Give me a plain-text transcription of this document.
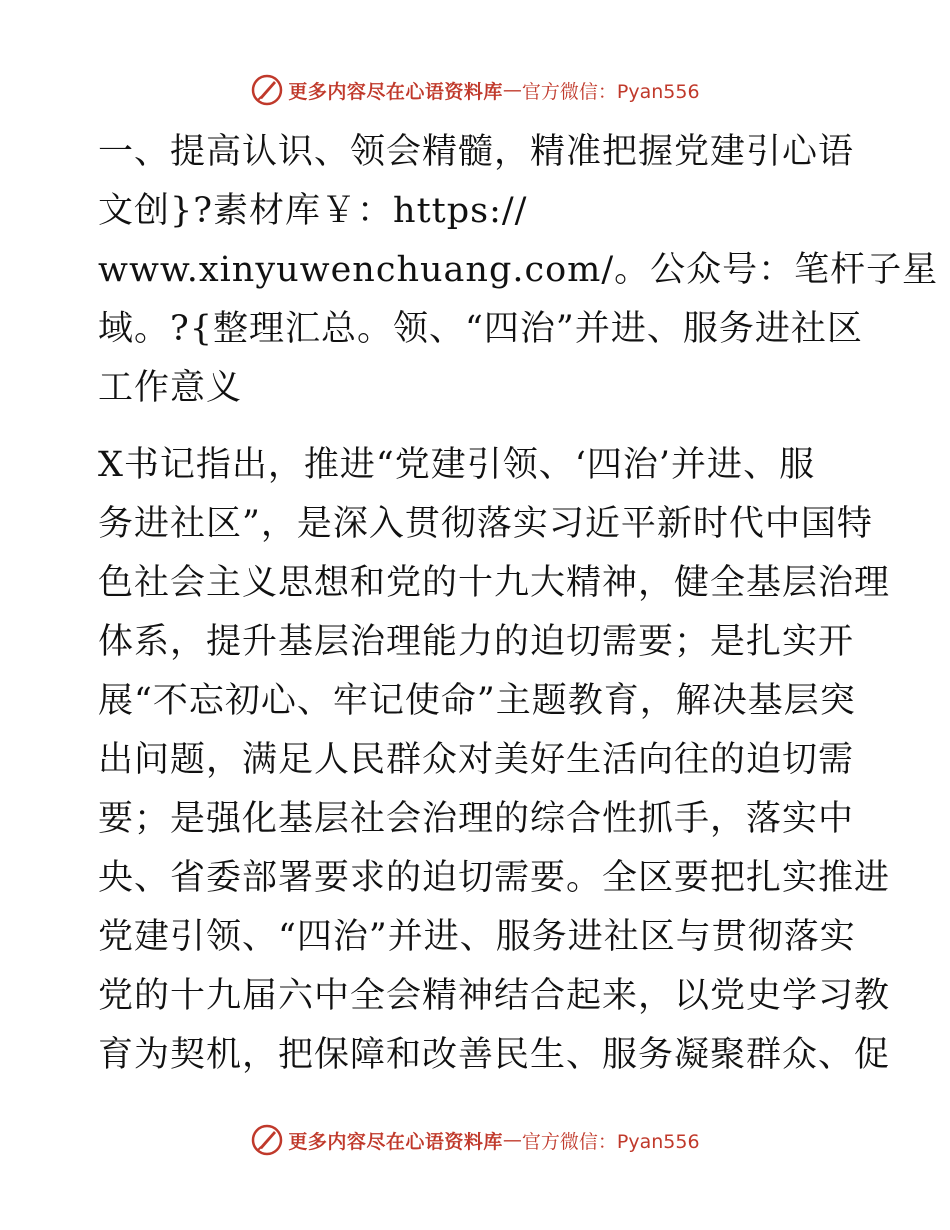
更多内容尽在心语资料库 — 官方微信：Pyan556
一、提高认识、领会精髓，精准把握党建引心语
文创}?素材库￥：https://
www.xinyuwenchuang.com/。公众号：笔杆子星
域。?{整理汇总。领、“四治”并进、服务进社区
工作意义
X书记指出，推进“党建引领、‘四治’并进、服
务进社区”，是深入贯彻落实习近平新时代中国特
色社会主义思想和党的十九大精神，健全基层治理
体系，提升基层治理能力的迫切需要；是扎实开
展“不忘初心、牢记使命”主题教育，解决基层突
出问题，满足人民群众对美好生活向往的迫切需
要；是强化基层社会治理的综合性抓手，落实中
央、省委部署要求的迫切需要。全区要把扎实推进
党建引领、“四治”并进、服务进社区与贯彻落实
党的十九届六中全会精神结合起来，以党史学习教
育为契机，把保障和改善民生、服务凝聚群众、促
更多内容尽在心语资料库 — 官方微信：Pyan556
